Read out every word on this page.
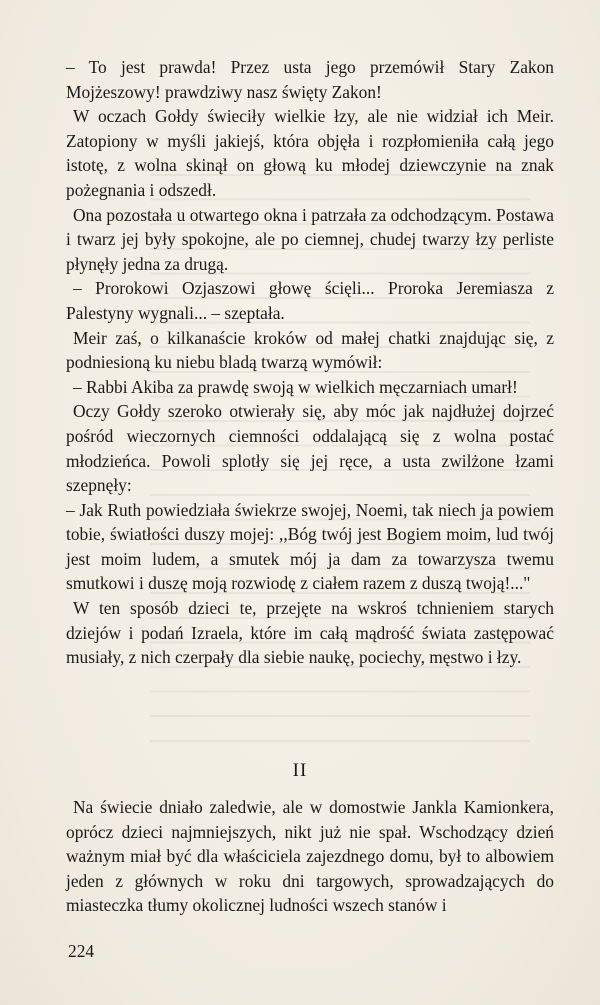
– To jest prawda! Przez usta jego przemówił Stary Zakon Mojżeszowy! prawdziwy nasz święty Zakon!

W oczach Gołdy świeciły wielkie łzy, ale nie widział ich Meir. Zatopiony w myśli jakiejś, która objęła i rozpłomieniła całą jego istotę, z wolna skinął on głową ku młodej dziewczynie na znak pożegnania i odszedł.

Ona pozostała u otwartego okna i patrzała za odchodzącym. Postawa i twarz jej były spokojne, ale po ciemnej, chudej twarzy łzy perliste płynęły jedna za drugą.

– Prorokowi Ozjaszowi głowę ścięli... Proroka Jeremiasza z Palestyny wygnali... – szeptała.

Meir zaś, o kilkanaście kroków od małej chatki znajdując się, z podniesioną ku niebu bladą twarzą wymówił:

– Rabbi Akiba za prawdę swoją w wielkich męczarniach umarł!

Oczy Gołdy szeroko otwierały się, aby móc jak najdłużej dojrzeć pośród wieczornych ciemności oddalającą się z wolna postać młodzieńca. Powoli splotły się jej ręce, a usta zwilżone łzami szepnęły:

– Jak Ruth powiedziała świekrze swojej, Noemi, tak niech ja powiem tobie, światłości duszy mojej: ,,Bóg twój jest Bogiem moim, lud twój jest moim ludem, a smutek mój ja dam za towarzysza twemu smutkowi i duszę moją rozwiodę z ciałem razem z duszą twoją!..."

W ten sposób dzieci te, przejęte na wskroś tchnieniem starych dziejów i podań Izraela, które im całą mądrość świata zastępować musiały, z nich czerpały dla siebie naukę, pociechy, męstwo i łzy.

II

Na świecie dniało zaledwie, ale w domostwie Jankla Kamionkera, oprócz dzieci najmniejszych, nikt już nie spał. Wschodzący dzień ważnym miał być dla właściciela zajezdnego domu, był to albowiem jeden z głównych w roku dni targowych, sprowadzających do miasteczka tłumy okolicznej ludności wszech stanów i

224
